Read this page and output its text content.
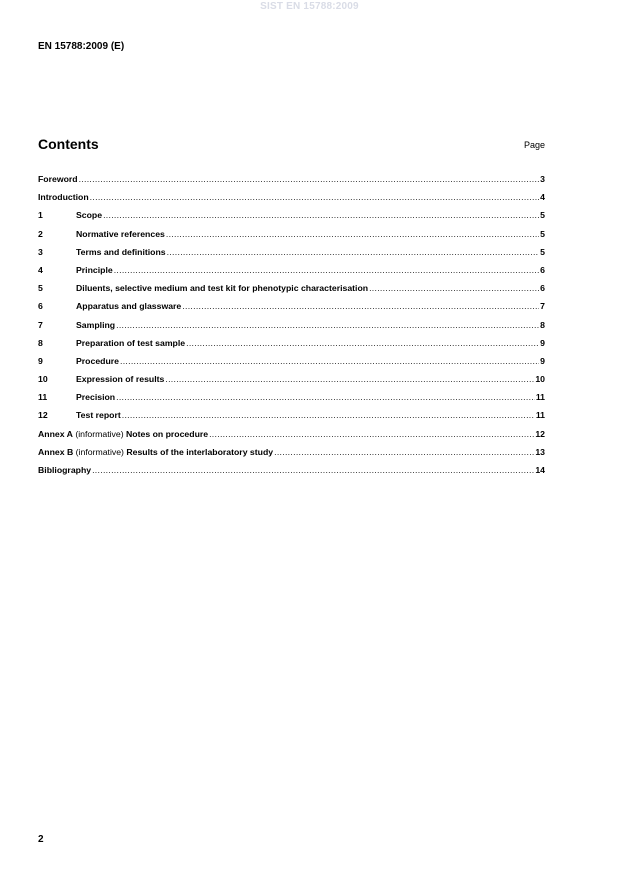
SIST EN 15788:2009
EN 15788:2009 (E)
Contents	Page
Foreword .....	3
Introduction .....	4
1	Scope .....	5
2	Normative references .....	5
3	Terms and definitions .....	5
4	Principle .....	6
5	Diluents, selective medium and test kit for phenotypic characterisation .....	6
6	Apparatus and glassware .....	7
7	Sampling .....	8
8	Preparation of test sample .....	9
9	Procedure .....	9
10	Expression of results .....	10
11	Precision .....	11
12	Test report .....	11
Annex A (informative) Notes on procedure .....	12
Annex B (informative) Results of the interlaboratory study .....	13
Bibliography .....	14
2
